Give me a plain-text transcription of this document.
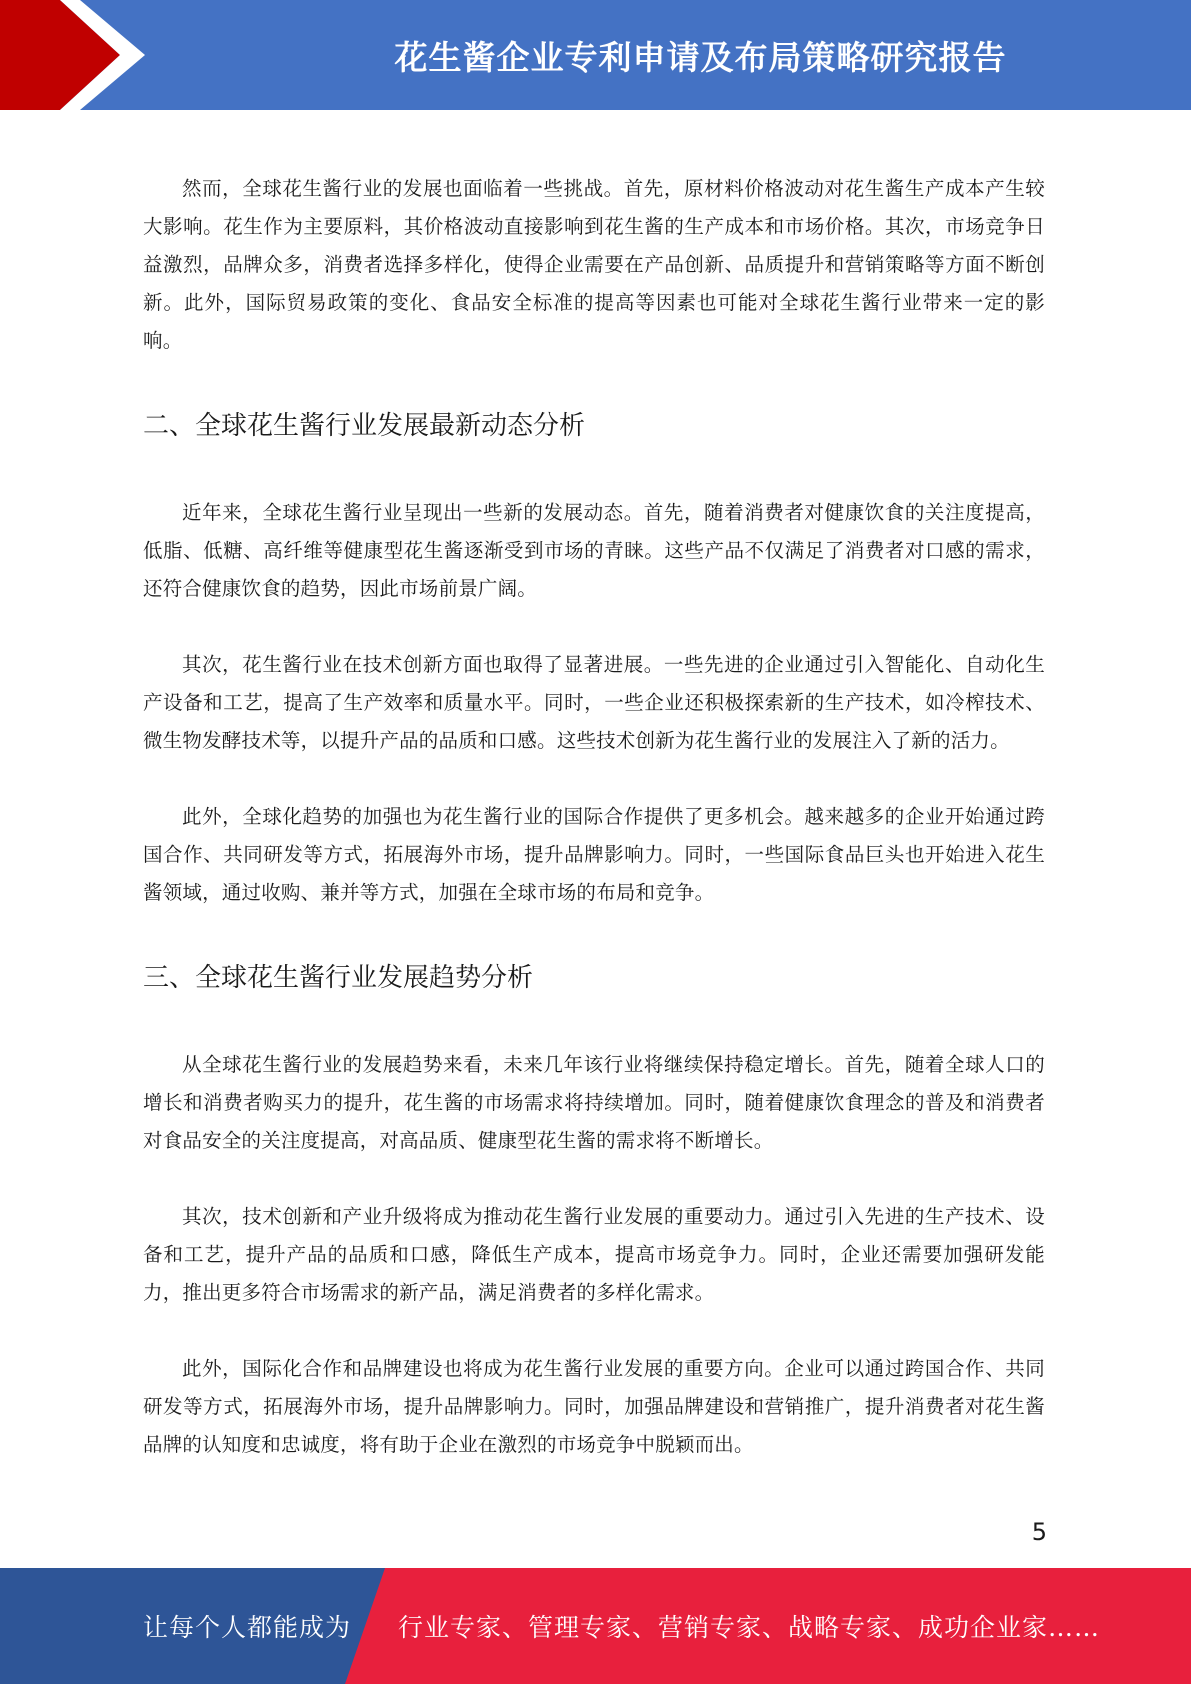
花生酱企业专利申请及布局策略研究报告

然而，全球花生酱行业的发展也面临着一些挑战。首先，原材料价格波动对花生酱生产成本产生较大影响。花生作为主要原料，其价格波动直接影响到花生酱的生产成本和市场价格。其次，市场竞争日益激烈，品牌众多，消费者选择多样化，使得企业需要在产品创新、品质提升和营销策略等方面不断创新。此外，国际贸易政策的变化、食品安全标准的提高等因素也可能对全球花生酱行业带来一定的影响。

二、全球花生酱行业发展最新动态分析

近年来，全球花生酱行业呈现出一些新的发展动态。首先，随着消费者对健康饮食的关注度提高，低脂、低糖、高纤维等健康型花生酱逐渐受到市场的青睐。这些产品不仅满足了消费者对口感的需求，还符合健康饮食的趋势，因此市场前景广阔。

其次，花生酱行业在技术创新方面也取得了显著进展。一些先进的企业通过引入智能化、自动化生产设备和工艺，提高了生产效率和质量水平。同时，一些企业还积极探索新的生产技术，如冷榨技术、微生物发酵技术等，以提升产品的品质和口感。这些技术创新为花生酱行业的发展注入了新的活力。

此外，全球化趋势的加强也为花生酱行业的国际合作提供了更多机会。越来越多的企业开始通过跨国合作、共同研发等方式，拓展海外市场，提升品牌影响力。同时，一些国际食品巨头也开始进入花生酱领域，通过收购、兼并等方式，加强在全球市场的布局和竞争。

三、全球花生酱行业发展趋势分析

从全球花生酱行业的发展趋势来看，未来几年该行业将继续保持稳定增长。首先，随着全球人口的增长和消费者购买力的提升，花生酱的市场需求将持续增加。同时，随着健康饮食理念的普及和消费者对食品安全的关注度提高，对高品质、健康型花生酱的需求将不断增长。

其次，技术创新和产业升级将成为推动花生酱行业发展的重要动力。通过引入先进的生产技术、设备和工艺，提升产品的品质和口感，降低生产成本，提高市场竞争力。同时，企业还需要加强研发能力，推出更多符合市场需求的新产品，满足消费者的多样化需求。

此外，国际化合作和品牌建设也将成为花生酱行业发展的重要方向。企业可以通过跨国合作、共同研发等方式，拓展海外市场，提升品牌影响力。同时，加强品牌建设和营销推广，提升消费者对花生酱品牌的认知度和忠诚度，将有助于企业在激烈的市场竞争中脱颖而出。

5
让每个人都能成为 行业专家、管理专家、营销专家、战略专家、成功企业家……
